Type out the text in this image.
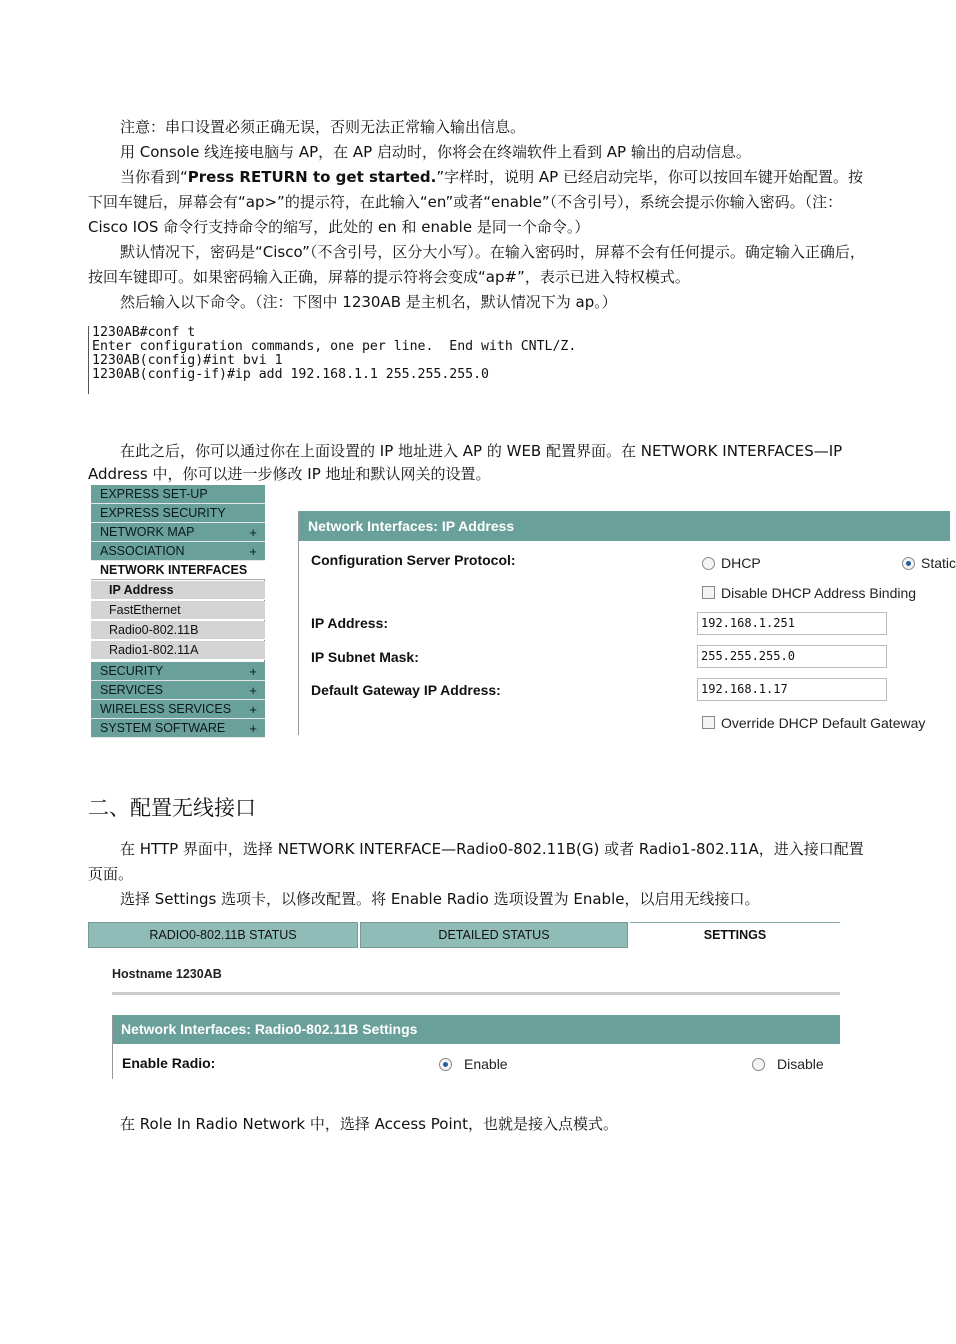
注意：串口设置必须正确无误，否则无法正常输入输出信息。
用 Console 线连接电脑与 AP，在 AP 启动时，你将会在终端软件上看到 AP 输出的启动信息。
当你看到“Press RETURN to get started.”字样时，说明 AP 已经启动完毕，你可以按回车键开始配置。按下回车键后，屏幕会有“ap>”的提示符，在此输入“en”或者“enable”（不含引号），系统会提示你输入密码。（注：Cisco IOS 命令行支持命令的缩写，此处的 en 和 enable 是同一个命令。）
默认情况下，密码是“Cisco”（不含引号，区分大小写）。在输入密码时，屏幕不会有任何提示。确定输入正确后，按回车键即可。如果密码输入正确，屏幕的提示符将会变成“ap#”，表示已进入特权模式。
然后输入以下命令。（注：下图中 1230AB 是主机名，默认情况下为 ap。）
1230AB#conf t
Enter configuration commands, one per line.  End with CNTL/Z.
1230AB(config)#int bvi 1
1230AB(config-if)#ip add 192.168.1.1 255.255.255.0
在此之后，你可以通过你在上面设置的 IP 地址进入 AP 的 WEB 配置界面。在 NETWORK INTERFACES—IP Address 中，你可以进一步修改 IP 地址和默认网关的设置。
EXPRESS SET-UP
EXPRESS SECURITY
NETWORK MAP	+
ASSOCIATION	+
NETWORK INTERFACES
IP Address
FastEthernet
Radio0-802.11B
Radio1-802.11A
SECURITY	+
SERVICES	+
WIRELESS SERVICES +
SYSTEM SOFTWARE +
Network Interfaces: IP Address
Configuration Server Protocol:	DHCP	Static
Disable DHCP Address Binding
IP Address:	192.168.1.251
IP Subnet Mask:	255.255.255.0
Default Gateway IP Address:	192.168.1.17
Override DHCP Default Gateway
二、配置无线接口
在 HTTP 界面中，选择 NETWORK INTERFACE—Radio0-802.11B(G) 或者 Radio1-802.11A，进入接口配置页面。
选择 Settings 选项卡，以修改配置。将 Enable Radio 选项设置为 Enable，以启用无线接口。
RADIO0-802.11B STATUS	DETAILED STATUS	SETTINGS
Hostname 1230AB
Network Interfaces: Radio0-802.11B Settings
Enable Radio:	Enable	Disable
在 Role In Radio Network 中，选择 Access Point，也就是接入点模式。
